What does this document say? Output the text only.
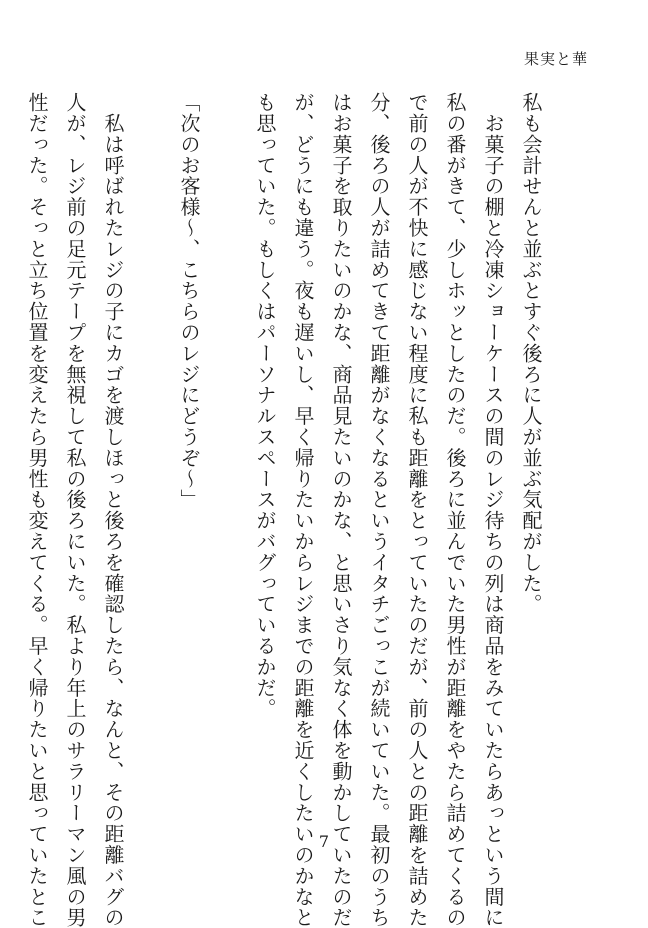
果実と華
私も会計せんと並ぶとすぐ後ろに人が並ぶ気配がした。
　お菓子の棚と冷凍ショーケースの間のレジ待ちの列は商品をみていたらあっという間に
私の番がきて、少しホッとしたのだ。後ろに並んでいた男性が距離をやたら詰めてくるの
で前の人が不快に感じない程度に私も距離をとっていたのだが、前の人との距離を詰めた
分、後ろの人が詰めてきて距離がなくなるというイタチごっこが続いていた。最初のうち
はお菓子を取りたいのかな、商品見たいのかな、と思いさり気なく体を動かしていたのだ
が、どうにも違う。夜も遅いし、早く帰りたいからレジまでの距離を近くしたいのかなと
も思っていた。もしくはパーソナルスペースがバグっているかだ。

「次のお客様〜、こちらのレジにどうぞ〜」

　私は呼ばれたレジの子にカゴを渡しほっと後ろを確認したら、なんと、その距離バグの
人が、レジ前の足元テープを無視して私の後ろにいた。私より年上のサラリーマン風の男
性だった。そっと立ち位置を変えたら男性も変えてくる。早く帰りたいと思っていたとこ	7
